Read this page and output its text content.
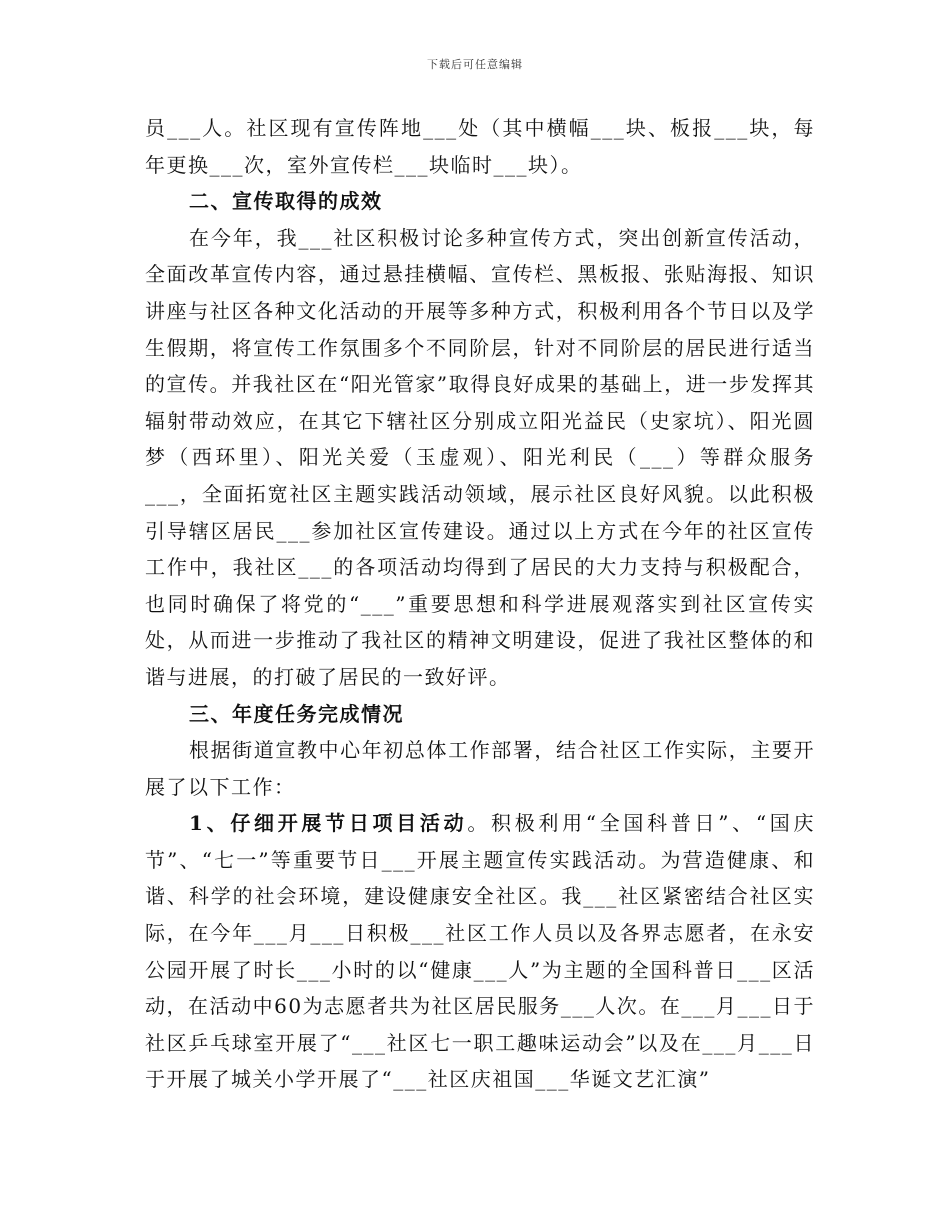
下载后可任意编辑

员___人。社区现有宣传阵地___处（其中横幅___块、板报___块，每年更换___次，室外宣传栏___块临时___块）。

二、宣传取得的成效

在今年，我___社区积极讨论多种宣传方式，突出创新宣传活动，全面改革宣传内容，通过悬挂横幅、宣传栏、黑板报、张贴海报、知识讲座与社区各种文化活动的开展等多种方式，积极利用各个节日以及学生假期，将宣传工作氛围多个不同阶层，针对不同阶层的居民进行适当的宣传。并我社区在“阳光管家”取得良好成果的基础上，进一步发挥其辐射带动效应，在其它下辖社区分别成立阳光益民（史家坑）、阳光圆梦（西环里）、阳光关爱（玉虚观）、阳光利民（___）等群众服务___，全面拓宽社区主题实践活动领域，展示社区良好风貌。以此积极引导辖区居民___参加社区宣传建设。通过以上方式在今年的社区宣传工作中，我社区___的各项活动均得到了居民的大力支持与积极配合，也同时确保了将党的“___”重要思想和科学进展观落实到社区宣传实处，从而进一步推动了我社区的精神文明建设，促进了我社区整体的和谐与进展，的打破了居民的一致好评。

三、年度任务完成情况

根据街道宣教中心年初总体工作部署，结合社区工作实际，主要开展了以下工作：

1、仔细开展节日项目活动。积极利用“全国科普日”、“国庆节”、“七一”等重要节日___开展主题宣传实践活动。为营造健康、和谐、科学的社会环境，建设健康安全社区。我___社区紧密结合社区实际，在今年___月___日积极___社区工作人员以及各界志愿者，在永安公园开展了时长___小时的以“健康___人”为主题的全国科普日___区活动，在活动中60为志愿者共为社区居民服务___人次。在___月___日于社区乒乓球室开展了“___社区七一职工趣味运动会”以及在___月___日于开展了城关小学开展了“___社区庆祖国___华诞文艺汇演”
